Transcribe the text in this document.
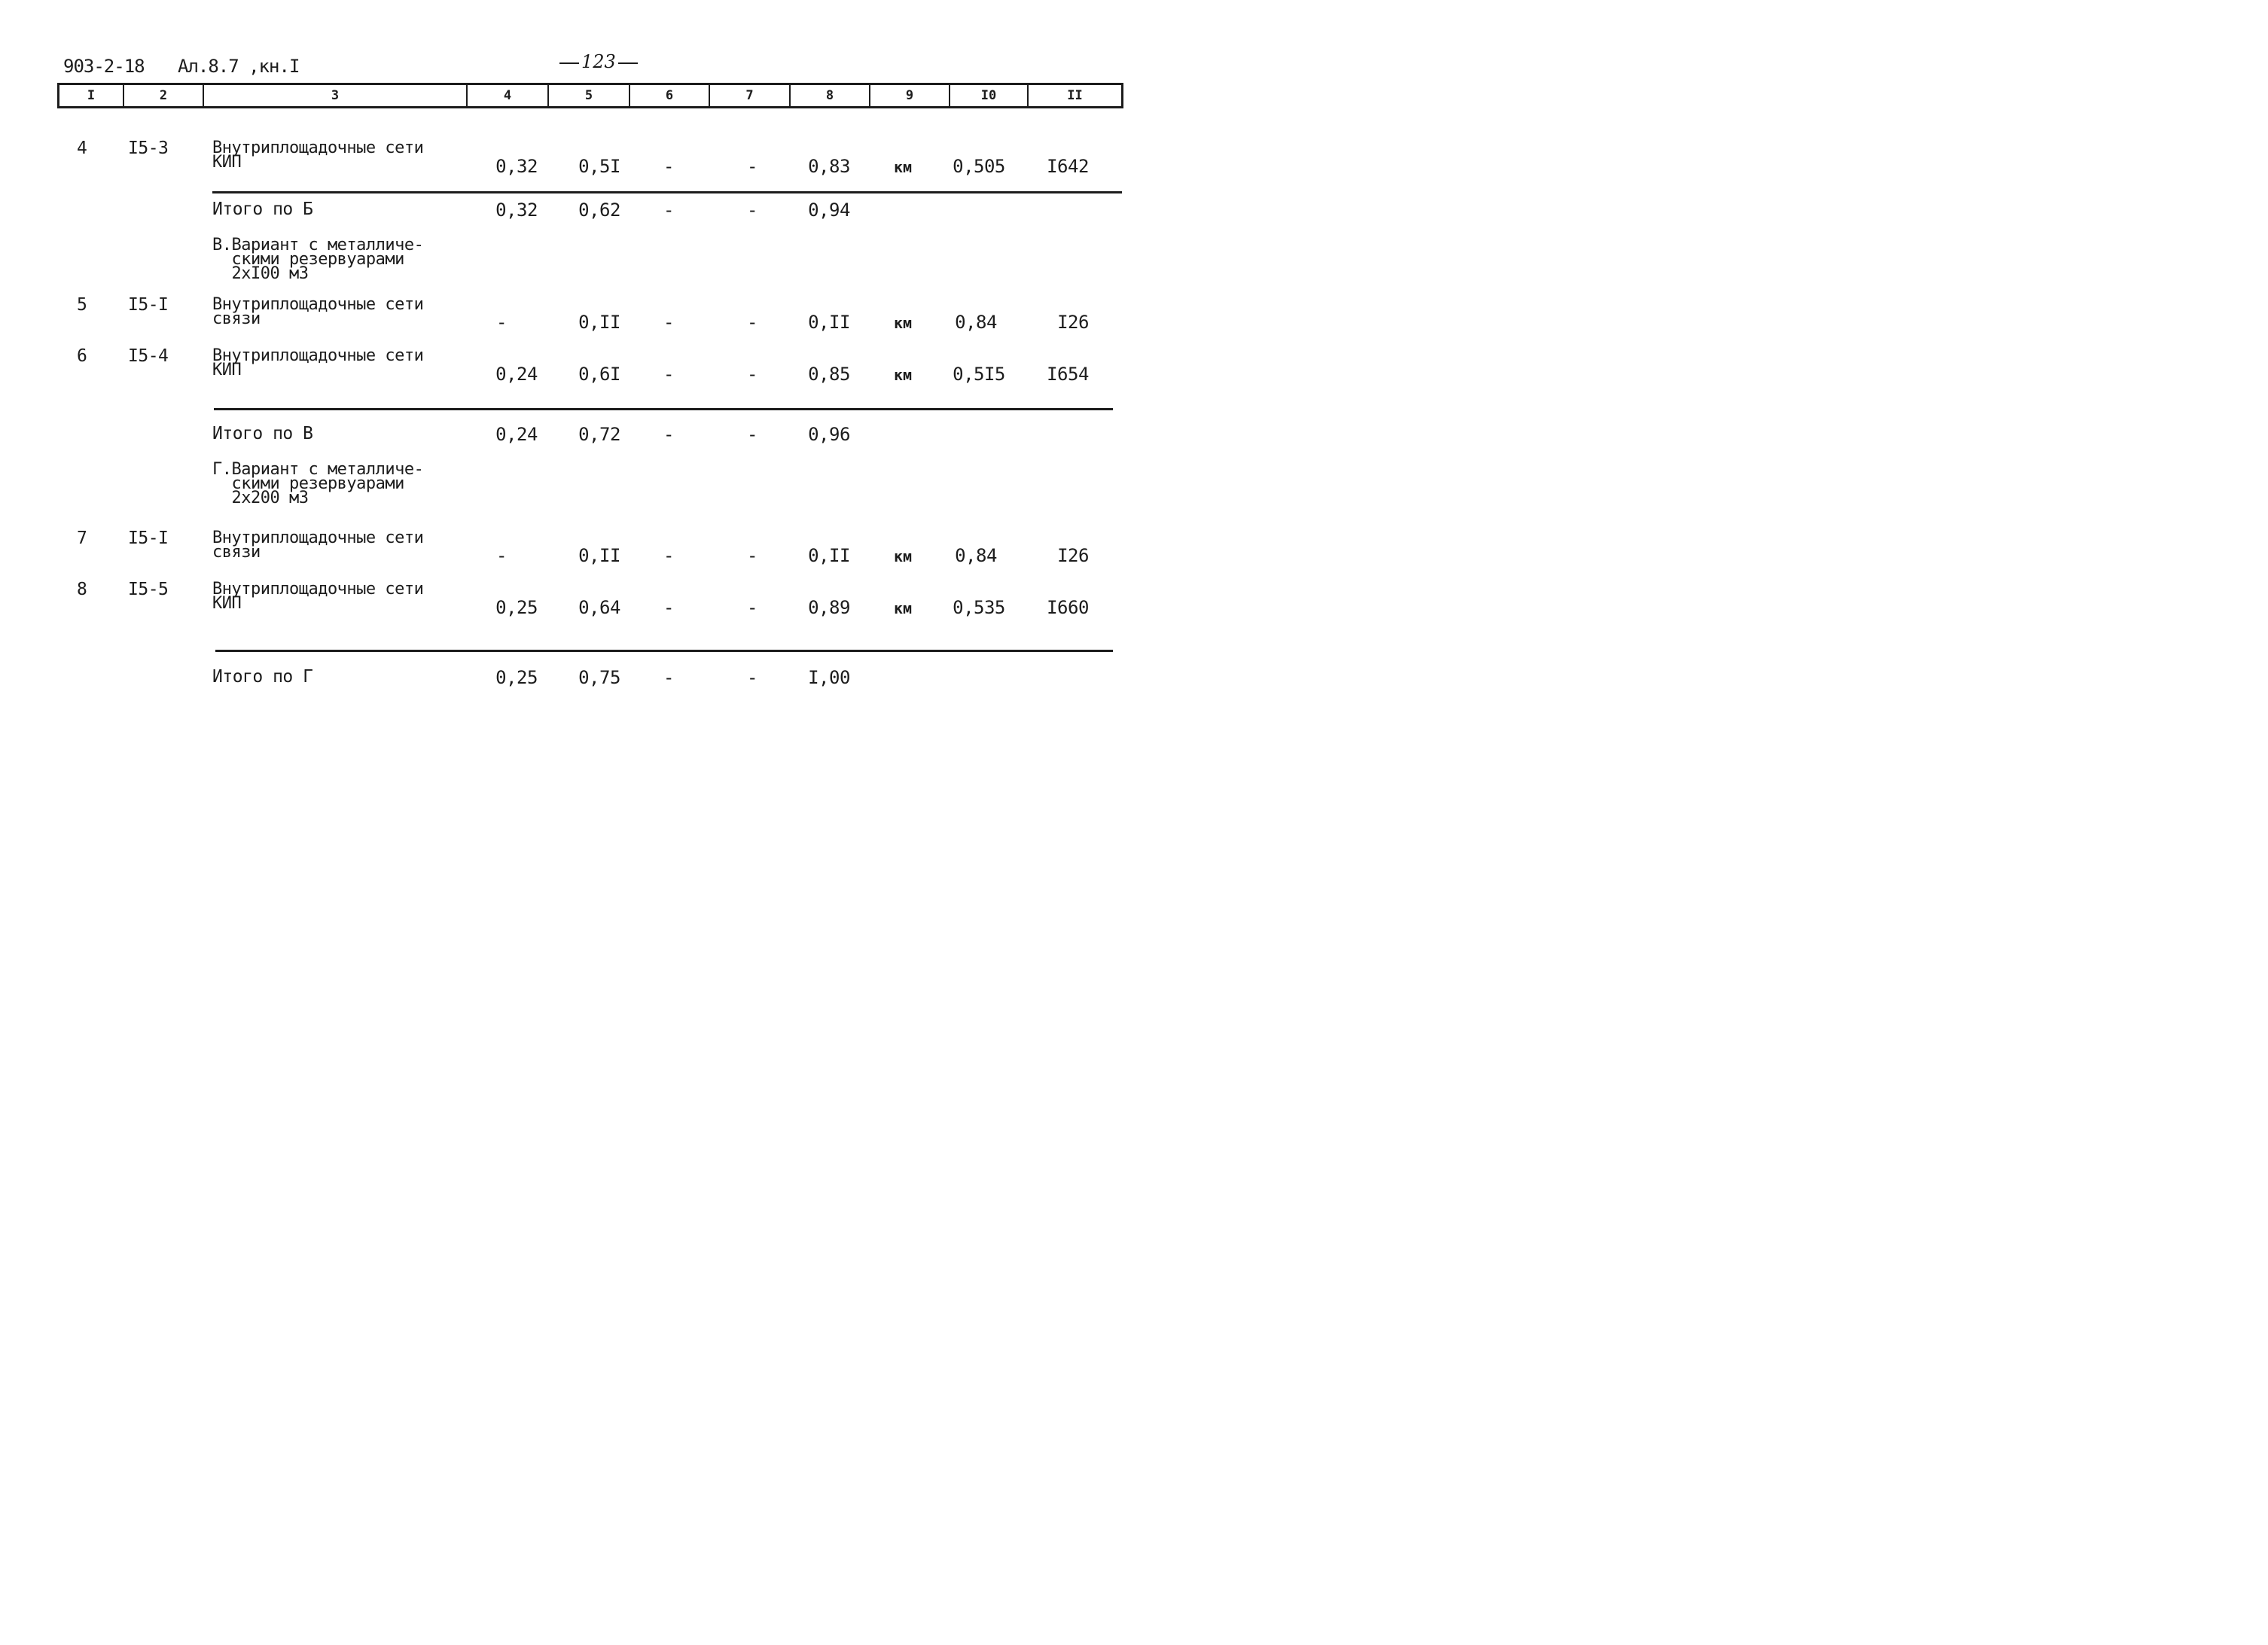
903-2-18 Ал.8.7 ,кн.I	123
I	2	3	4	5	6	7	8	9	I0	II
4 I5-3	Внутриплощадочные сети
КИП	0,32	0,5I	-	-	0,83	км	0,505	I642
Итого по Б	0,32	0,62	-	-	0,94
В.Вариант с металличе-
скими резервуарами
2хI00 м3
5 I5-I	Внутриплощадочные сети
связи	-	0,II	-	-	0,II	км	0,84	I26
6 I5-4	Внутриплощадочные сети
КИП	0,24	0,6I	-	-	0,85	км	0,5I5	I654
Итого по В	0,24	0,72	-	-	0,96
Г.Вариант с металличе-
скими резервуарами
2х200 м3
7 I5-I	Внутриплощадочные сети
связи	-	0,II	-	-	0,II	км	0,84	I26
8 I5-5	Внутриплощадочные сети
КИП	0,25	0,64	-	-	0,89	км	0,535	I660
Итого по Г	0,25	0,75	-	-	I,00
